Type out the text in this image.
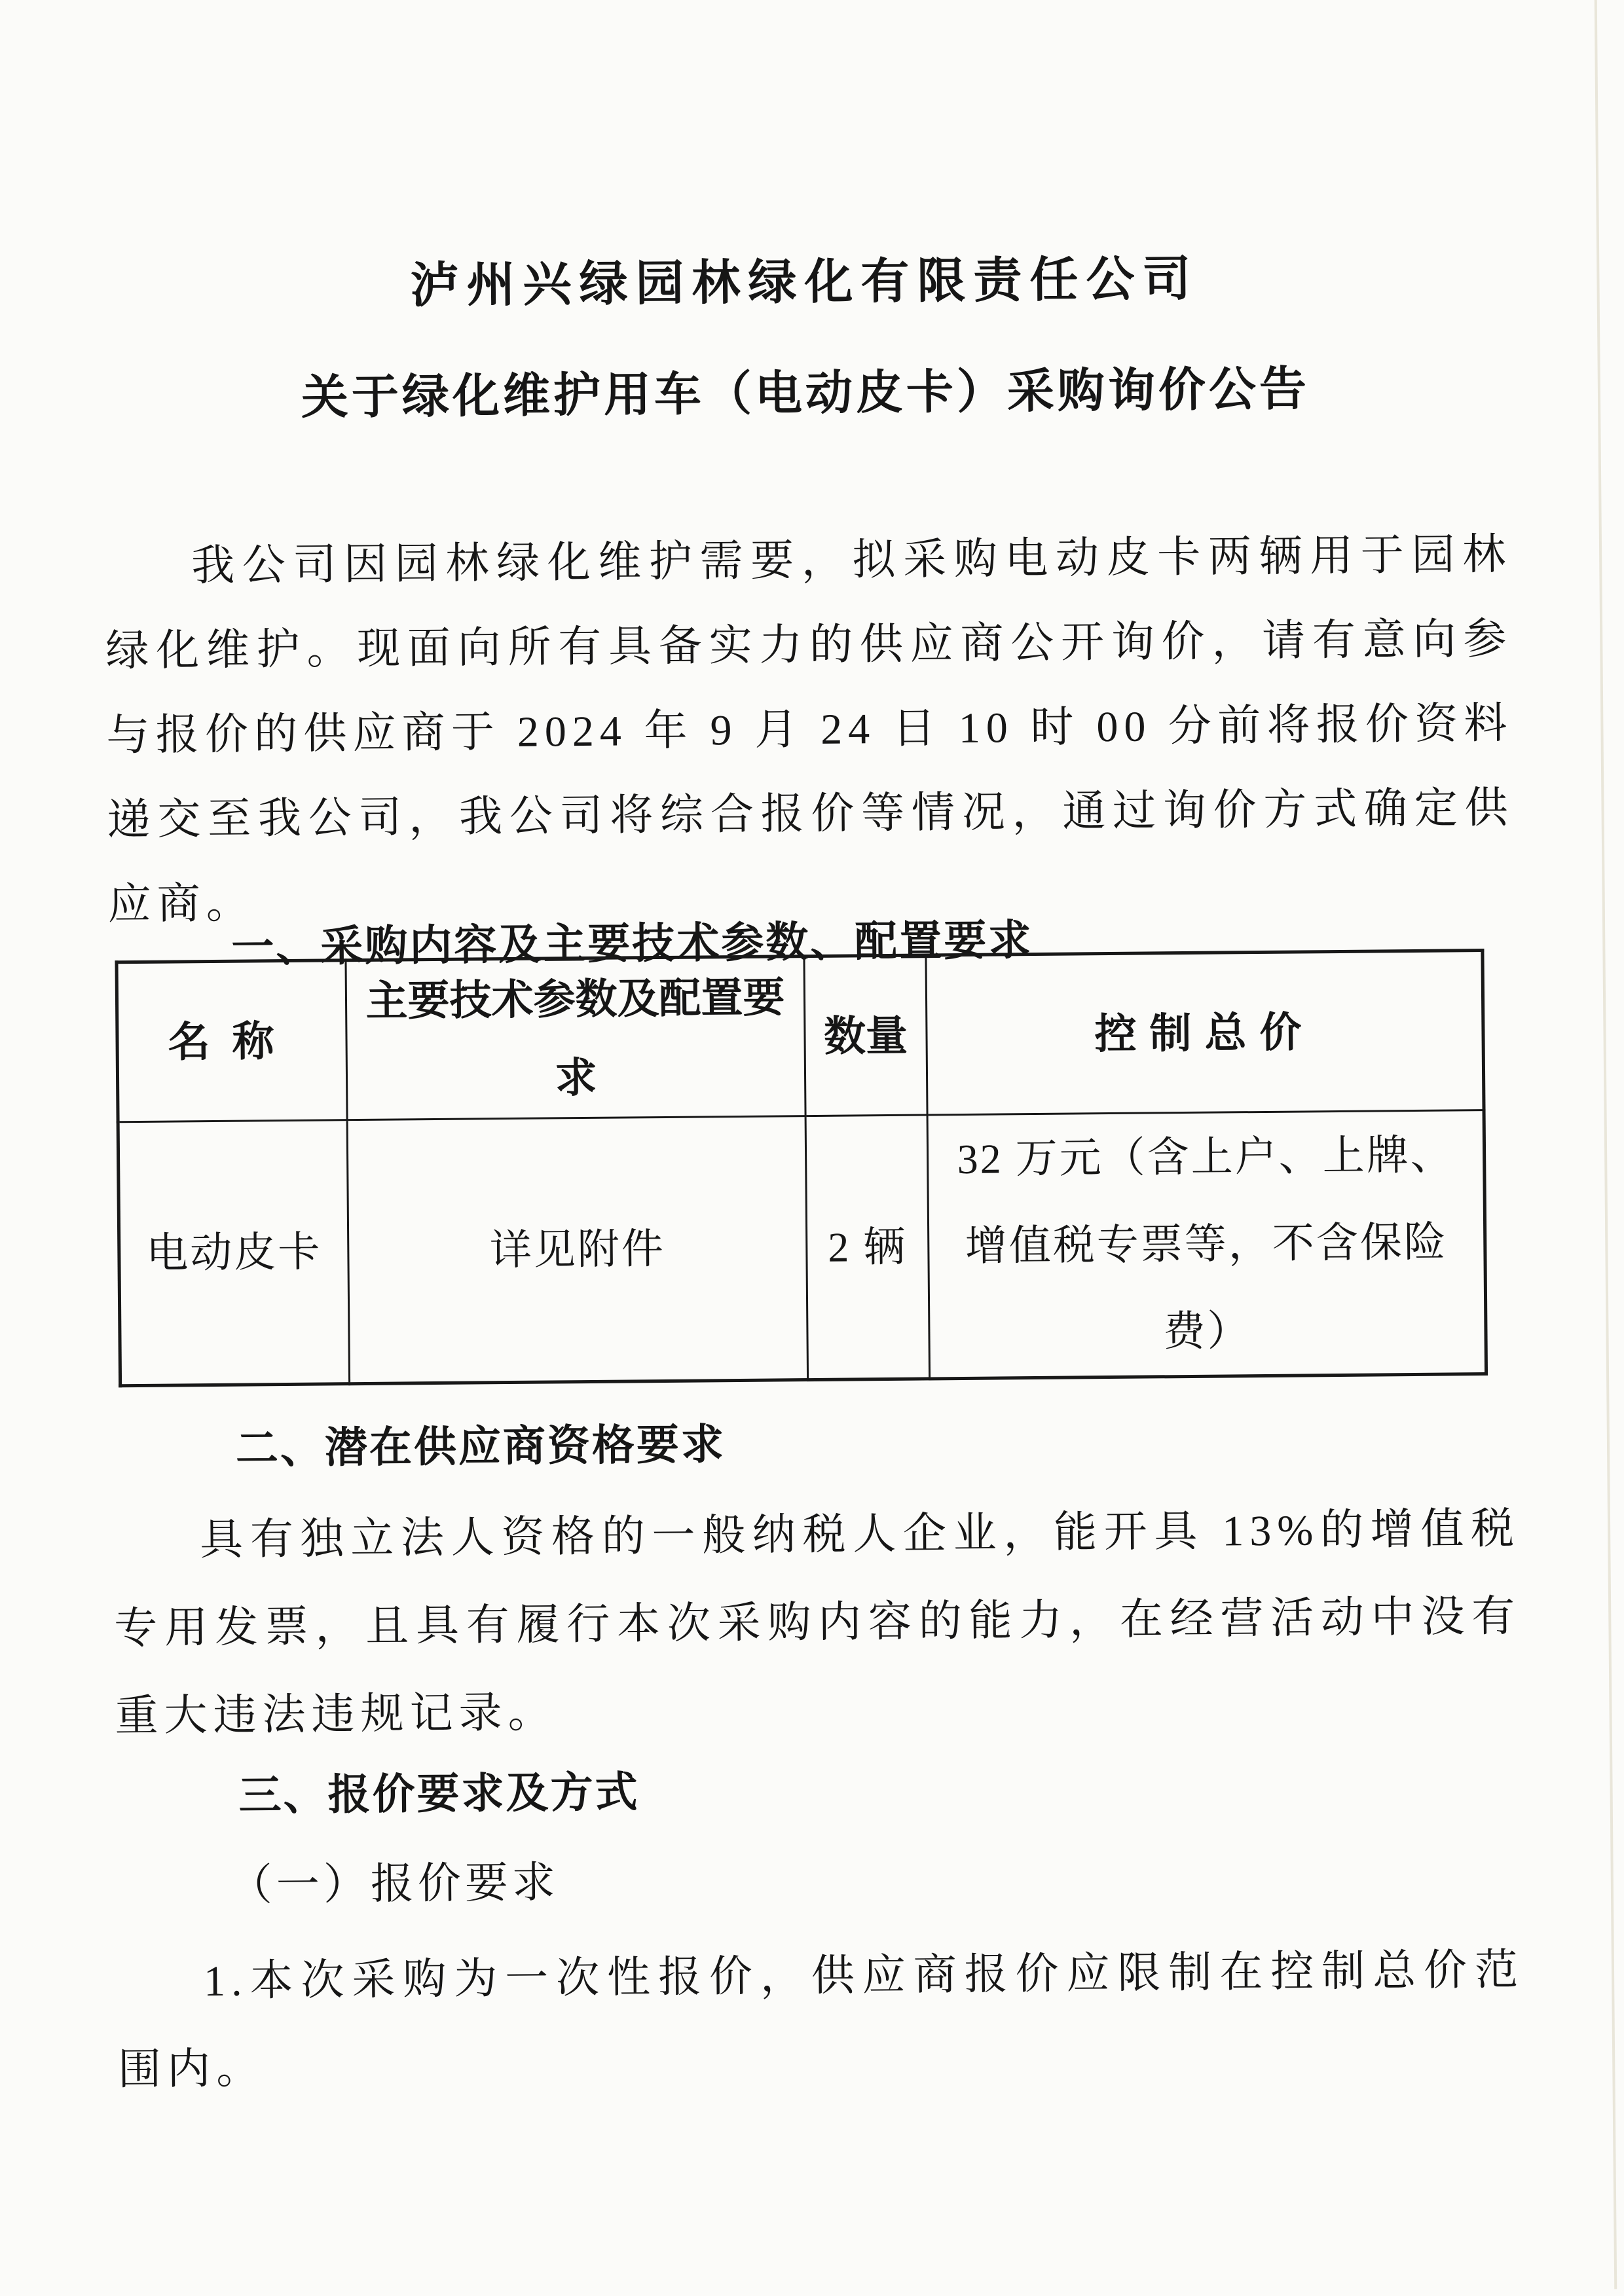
泸州兴绿园林绿化有限责任公司
关于绿化维护用车（电动皮卡）采购询价公告
我公司因园林绿化维护需要，拟采购电动皮卡两辆用于园林绿化维护。现面向所有具备实力的供应商公开询价，请有意向参与报价的供应商于 2024 年 9 月 24 日 10 时 00 分前将报价资料递交至我公司，我公司将综合报价等情况，通过询价方式确定供应商。
一、采购内容及主要技术参数、配置要求
名称	主要技术参数及配置要求	数量	控制总价
电动皮卡	详见附件	2 辆	32 万元（含上户、上牌、增值税专票等，不含保险费）
二、潜在供应商资格要求
具有独立法人资格的一般纳税人企业，能开具 13%的增值税专用发票，且具有履行本次采购内容的能力，在经营活动中没有重大违法违规记录。
三、报价要求及方式
（一）报价要求
1.本次采购为一次性报价，供应商报价应限制在控制总价范围内。
